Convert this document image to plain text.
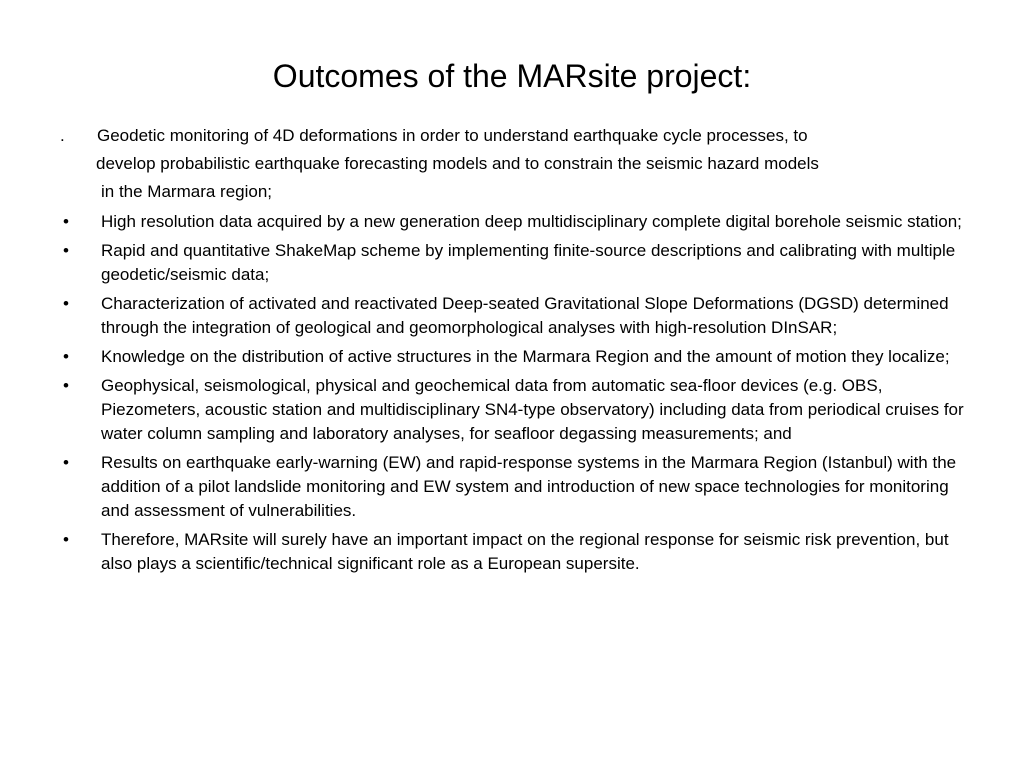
Outcomes of the MARsite project:
. Geodetic monitoring of 4D deformations in order to understand earthquake cycle processes, to
develop probabilistic earthquake forecasting models and to constrain the seismic hazard models
in the Marmara region;
• High resolution data acquired by a new generation deep multidisciplinary complete digital borehole seismic station;
• Rapid and quantitative ShakeMap scheme by implementing finite-source descriptions and calibrating with multiple geodetic/seismic data;
• Characterization of activated and reactivated Deep-seated Gravitational Slope Deformations (DGSD) determined through the integration of geological and geomorphological analyses with high-resolution DInSAR;
• Knowledge on the distribution of active structures in the Marmara Region and the amount of motion they localize;
• Geophysical, seismological, physical and geochemical data from automatic sea-floor devices (e.g. OBS, Piezometers, acoustic station and multidisciplinary SN4-type observatory) including data from periodical cruises for water column sampling and laboratory analyses, for seafloor degassing measurements; and
• Results on earthquake early-warning (EW) and rapid-response systems in the Marmara Region (Istanbul) with the addition of a pilot landslide monitoring and EW system and introduction of new space technologies for monitoring and assessment of vulnerabilities.
• Therefore, MARsite will surely have an important impact on the regional response for seismic risk prevention, but also plays a scientific/technical significant role as a European supersite.
